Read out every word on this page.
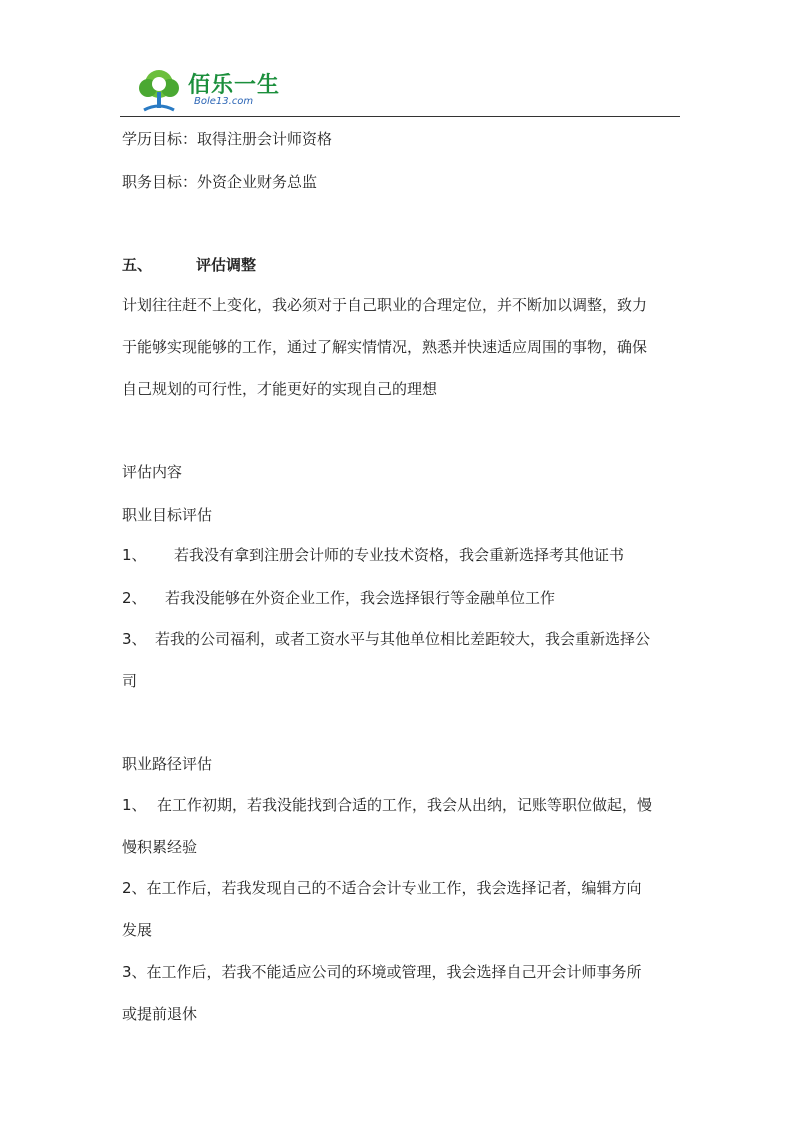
佰乐一生
Bole13.com
学历目标：取得注册会计师资格
职务目标：外资企业财务总监
五、	评估调整
计划往往赶不上变化，我必须对于自己职业的合理定位，并不断加以调整，致力
于能够实现能够的工作，通过了解实情情况，熟悉并快速适应周围的事物，确保
自己规划的可行性，才能更好的实现自己的理想
评估内容
职业目标评估
1、 若我没有拿到注册会计师的专业技术资格，我会重新选择考其他证书
2、 若我没能够在外资企业工作，我会选择银行等金融单位工作
3、 若我的公司福利，或者工资水平与其他单位相比差距较大，我会重新选择公
司
职业路径评估
1、 在工作初期，若我没能找到合适的工作，我会从出纳，记账等职位做起，慢
慢积累经验
2、在工作后，若我发现自己的不适合会计专业工作，我会选择记者，编辑方向
发展
3、在工作后，若我不能适应公司的环境或管理，我会选择自己开会计师事务所
或提前退休
